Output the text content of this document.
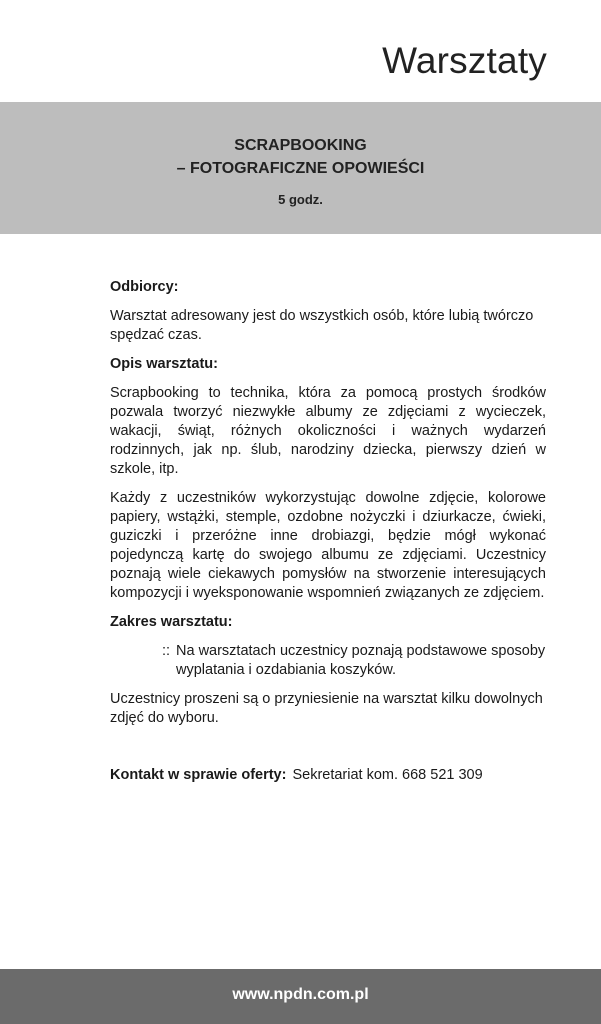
Warsztaty
SCRAPBOOKING
– FOTOGRAFICZNE OPOWIEŚCI
5 godz.
Odbiorcy:

Warsztat adresowany jest do wszystkich osób, które lubią twórczo spędzać czas.

Opis warsztatu:

Scrapbooking to technika, która za pomocą prostych środków pozwala tworzyć niezwykłe albumy ze zdjęciami z wycieczek, wakacji, świąt, różnych okoliczności i ważnych wydarzeń rodzinnych, jak np. ślub, narodziny dziecka, pierwszy dzień w szkole, itp.

Każdy z uczestników wykorzystując dowolne zdjęcie, kolorowe papiery, wstążki, stemple, ozdobne nożyczki i dziurkacze, ćwieki, guziczki i przeróżne inne drobiazgi, będzie mógł wykonać pojedynczą kartę do swojego albumu ze zdjęciami. Uczestnicy poznają wiele ciekawych pomysłów na stworzenie interesujących kompozycji i wyeksponowanie wspomnień związanych ze zdjęciem.

Zakres warsztatu:
:: Na warsztatach uczestnicy poznają podstawowe sposoby wyplatania i ozdabiania koszyków.

Uczestnicy proszeni są o przyniesienie na warsztat kilku dowolnych zdjęć do wyboru.

Kontakt w sprawie oferty: Sekretariat kom. 668 521 309
www.npdn.com.pl
